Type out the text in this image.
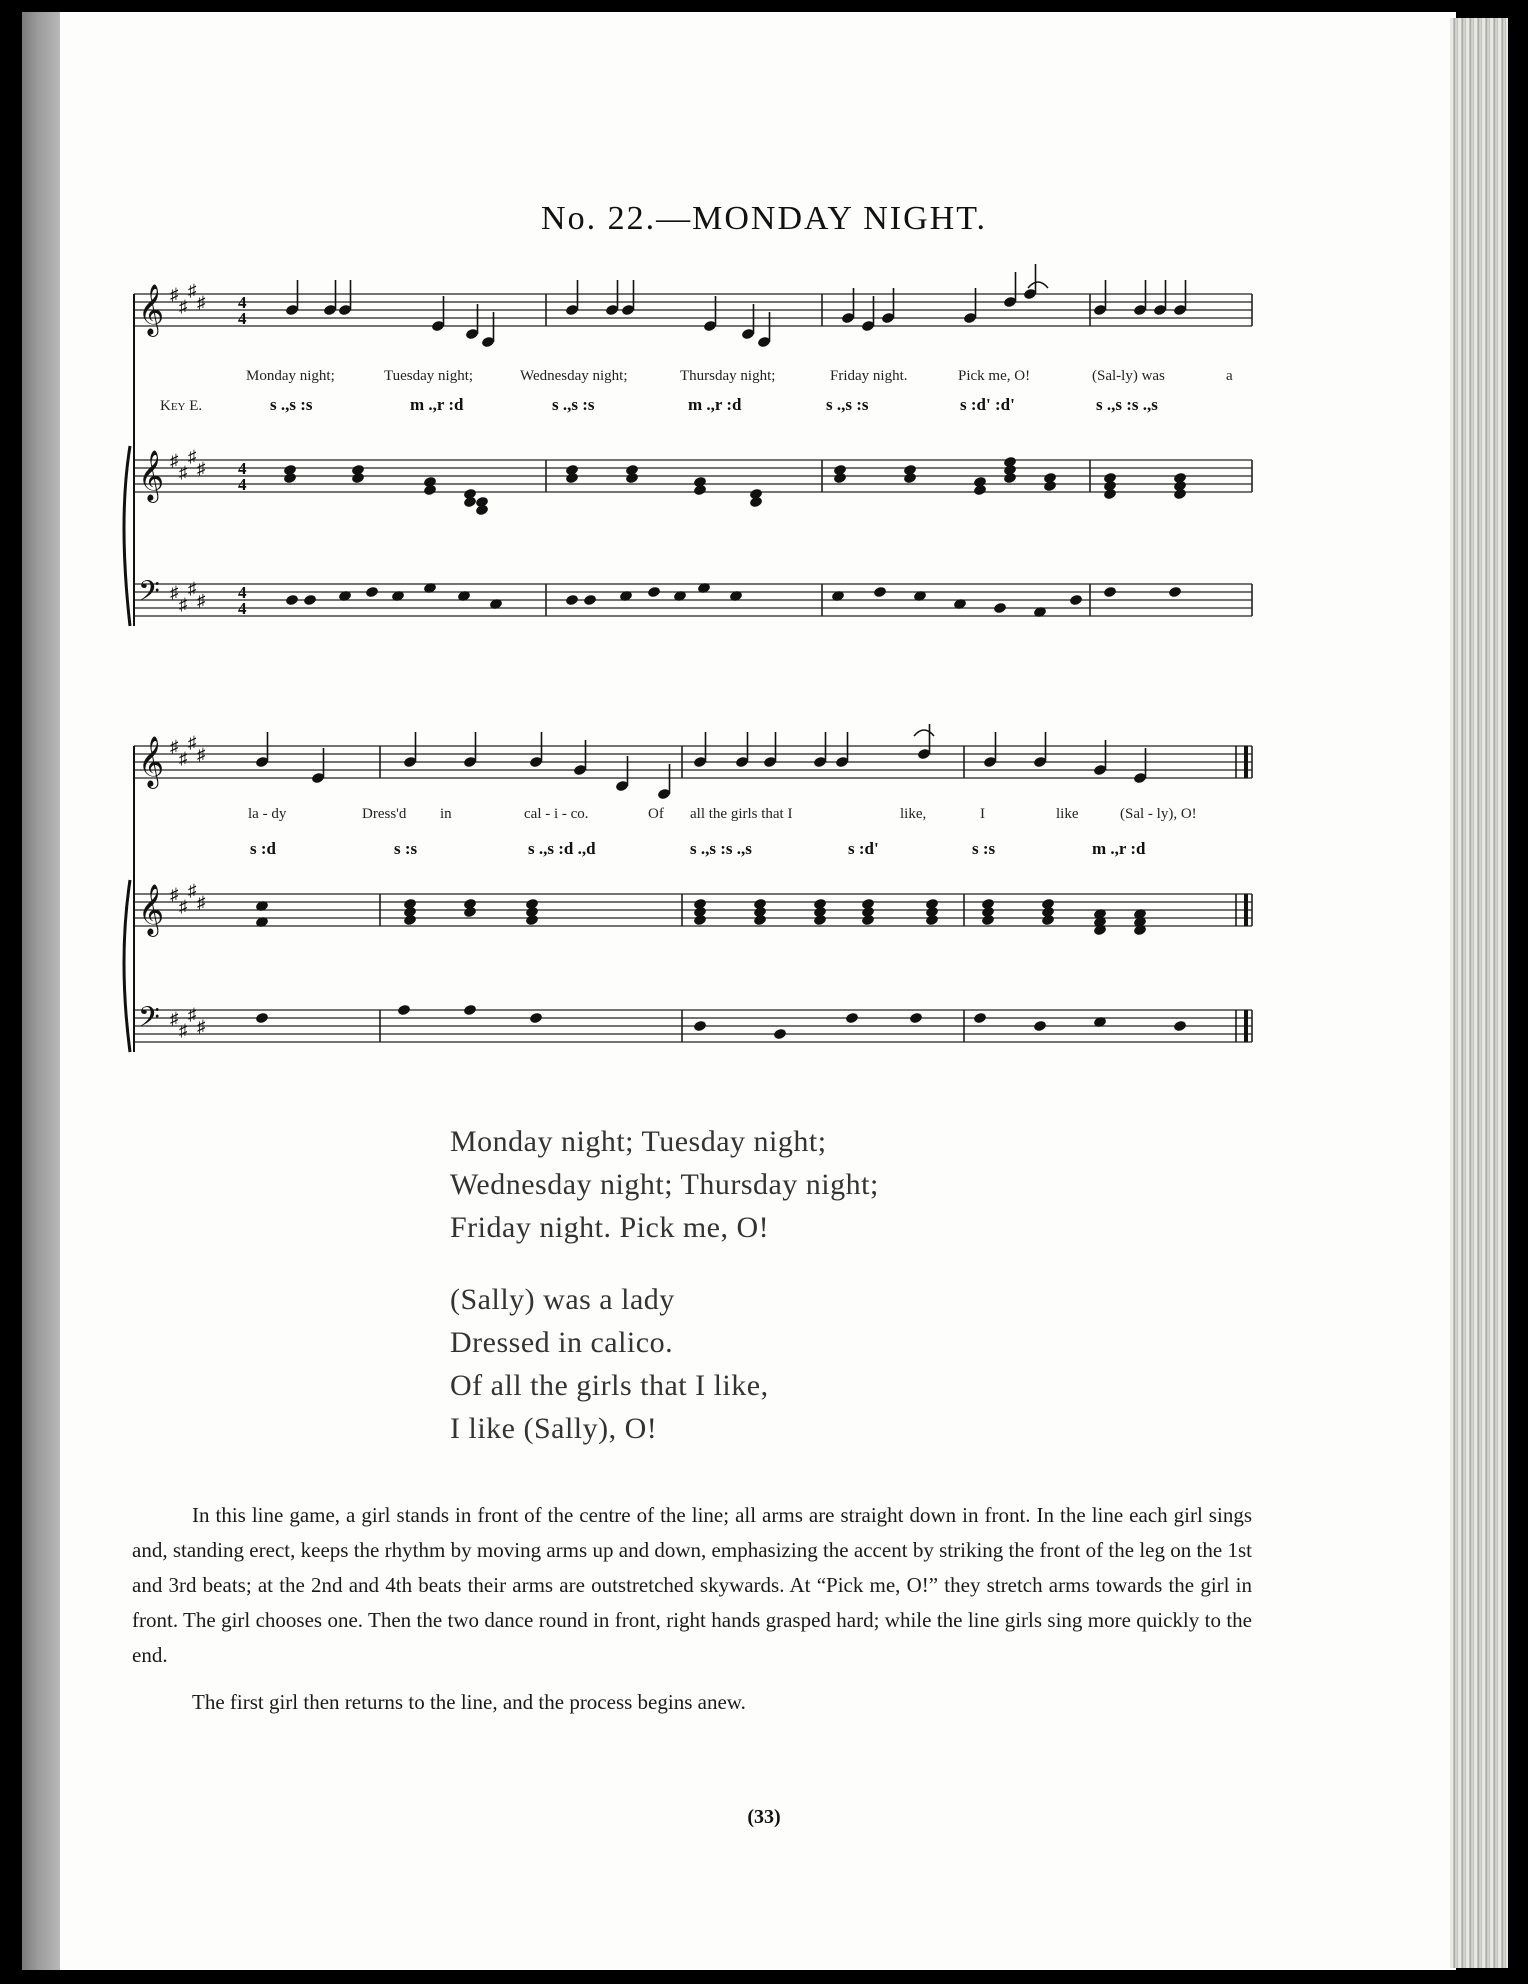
No. 22.—MONDAY NIGHT.
𝄞 ♯
♯
♯
♯
𝄞 ♯
♯
♯
♯
𝄢 ♯
♯
♯
♯
4
4
4
4
4
4
𝄞 ♯
♯
♯
♯
𝄞 ♯
♯
♯
♯
𝄢 ♯
♯
♯
♯
Monday night;	Tuesday night;	Wednesday night;	Thursday night;	Friday night.	Pick me, O!	(Sal-ly) was	a
Key E.	s .,s :s	m .,r :d	s .,s :s	m .,r :d	s .,s :s	s :d' :d'	s .,s :s .,s
la - dy	Dress'd in	cal - i - co.	Of all the girls that I	like,	I	like	(Sal - ly), O!
s :d	s :s	s .,s :d .,d	s .,s :s .,s	s :d'	s :s	m .,r :d
Monday night; Tuesday night;
Wednesday night; Thursday night;
Friday night. Pick me, O!
(Sally) was a lady
Dressed in calico.
Of all the girls that I like,
I like (Sally), O!

In this line game, a girl stands in front of the centre of the line; all arms are straight down in front. In the line each girl sings and, standing erect, keeps the rhythm by moving arms up and down, emphasizing the accent by striking the front of the leg on the 1st and 3rd beats; at the 2nd and 4th beats their arms are outstretched skywards. At “Pick me, O!” they stretch arms towards the girl in front. The girl chooses one. Then the two dance round in front, right hands grasped hard; while the line girls sing more quickly to the end.

The first girl then returns to the line, and the process begins anew.

(33)
